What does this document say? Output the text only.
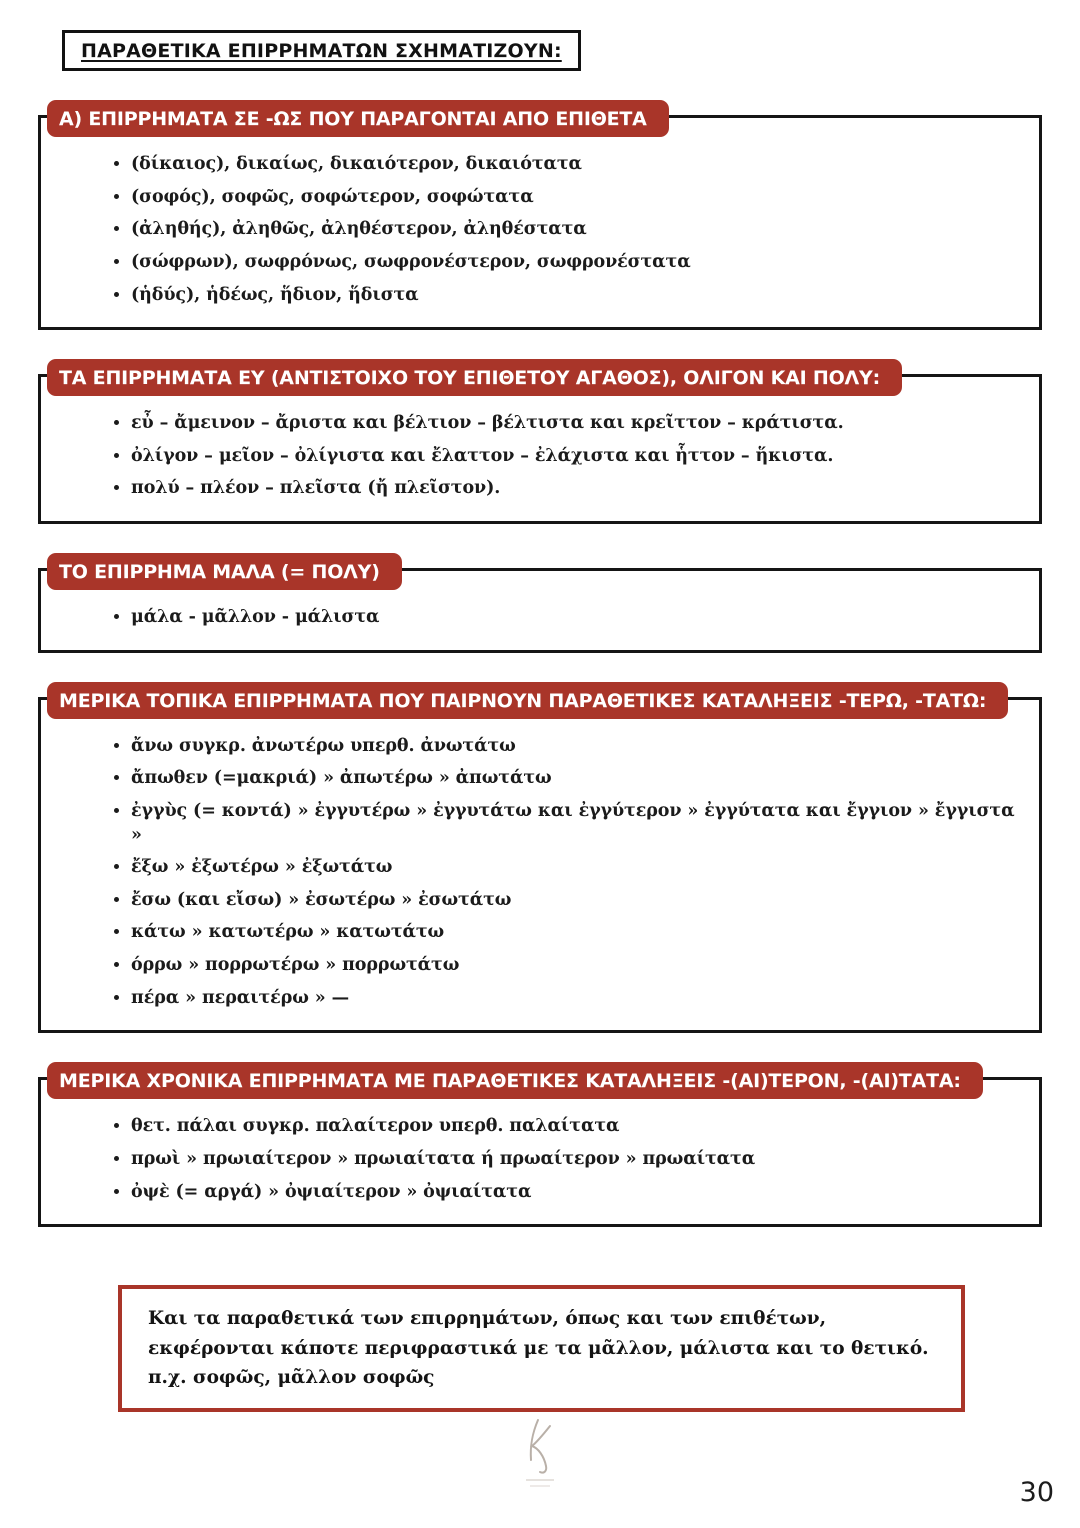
ΠΑΡΑΘΕΤΙΚΑ ΕΠΙΡΡΗΜΑΤΩΝ ΣΧΗΜΑΤΙΖΟΥΝ:
Α) ΕΠΙΡΡΗΜΑΤΑ ΣΕ -ΩΣ ΠΟΥ ΠΑΡΑΓΟΝΤΑΙ ΑΠΟ ΕΠΙΘΕΤΑ
• (δίκαιος), δικαίως, δικαιότερον, δικαιότατα
• (σοφός), σοφῶς, σοφώτερον, σοφώτατα
• (ἀληθής), ἀληθῶς, ἀληθέστερον, ἀληθέστατα
• (σώφρων), σωφρόνως, σωφρονέστερον, σωφρονέστατα
• (ἡδύς), ἡδέως, ἥδιον, ἥδιστα
ΤΑ ΕΠΙΡΡΗΜΑΤΑ ΕΥ (ΑΝΤΙΣΤΟΙΧΟ ΤΟΥ ΕΠΙΘΕΤΟΥ ΑΓΑΘΟΣ), ΟΛΙΓΟΝ ΚΑΙ ΠΟΛΥ:
• εὖ – ἄμεινον – ἄριστα και βέλτιον – βέλτιστα και κρεῖττον – κράτιστα.
• ὀλίγον – μεῖον – ὀλίγιστα και ἔλαττον – ἐλάχιστα και ἧττον – ἥκιστα.
• πολύ – πλέον – πλεῖστα (ἤ πλεῖστον).
ΤΟ ΕΠΙΡΡΗΜΑ ΜΑΛΑ (= ΠΟΛΥ)
• μάλα - μᾶλλον - μάλιστα
ΜΕΡΙΚΑ ΤΟΠΙΚΑ ΕΠΙΡΡΗΜΑΤΑ ΠΟΥ ΠΑΙΡΝΟΥΝ ΠΑΡΑΘΕΤΙΚΕΣ ΚΑΤΑΛΗΞΕΙΣ -ΤΕΡΩ, -ΤΑΤΩ:
• ἄνω συγκρ. ἀνωτέρω υπερθ. ἀνωτάτω
• ἄπωθεν (=μακριά) » ἀπωτέρω » ἀπωτάτω
• ἐγγὺς (= κοντά) » ἐγγυτέρω » ἐγγυτάτω και ἐγγύτερον » ἐγγύτατα και ἔγγιον » ἔγγιστα »
• ἔξω » ἐξωτέρω » ἐξωτάτω
• ἔσω (και εἴσω) » ἐσωτέρω » ἐσωτάτω
• κάτω » κατωτέρω » κατωτάτω
• όρρω » πορρωτέρω » πορρωτάτω
• πέρα » περαιτέρω » —
ΜΕΡΙΚΑ ΧΡΟΝΙΚΑ ΕΠΙΡΡΗΜΑΤΑ ΜΕ ΠΑΡΑΘΕΤΙΚΕΣ ΚΑΤΑΛΗΞΕΙΣ -(ΑΙ)ΤΕΡΟΝ, -(ΑΙ)ΤΑΤΑ:
• θετ. πάλαι συγκρ. παλαίτερον υπερθ. παλαίτατα
• πρωὶ » πρωιαίτερον » πρωιαίτατα ή πρωαίτερον » πρωαίτατα
• ὀψὲ (= αργά) » ὀψιαίτερον » ὀψιαίτατα
Και τα παραθετικά των επιρρημάτων, όπως και των επιθέτων, εκφέρονται κάποτε περιφραστικά με τα μᾶλλον, μάλιστα και το θετικό. π.χ. σοφῶς, μᾶλλον σοφῶς
30
